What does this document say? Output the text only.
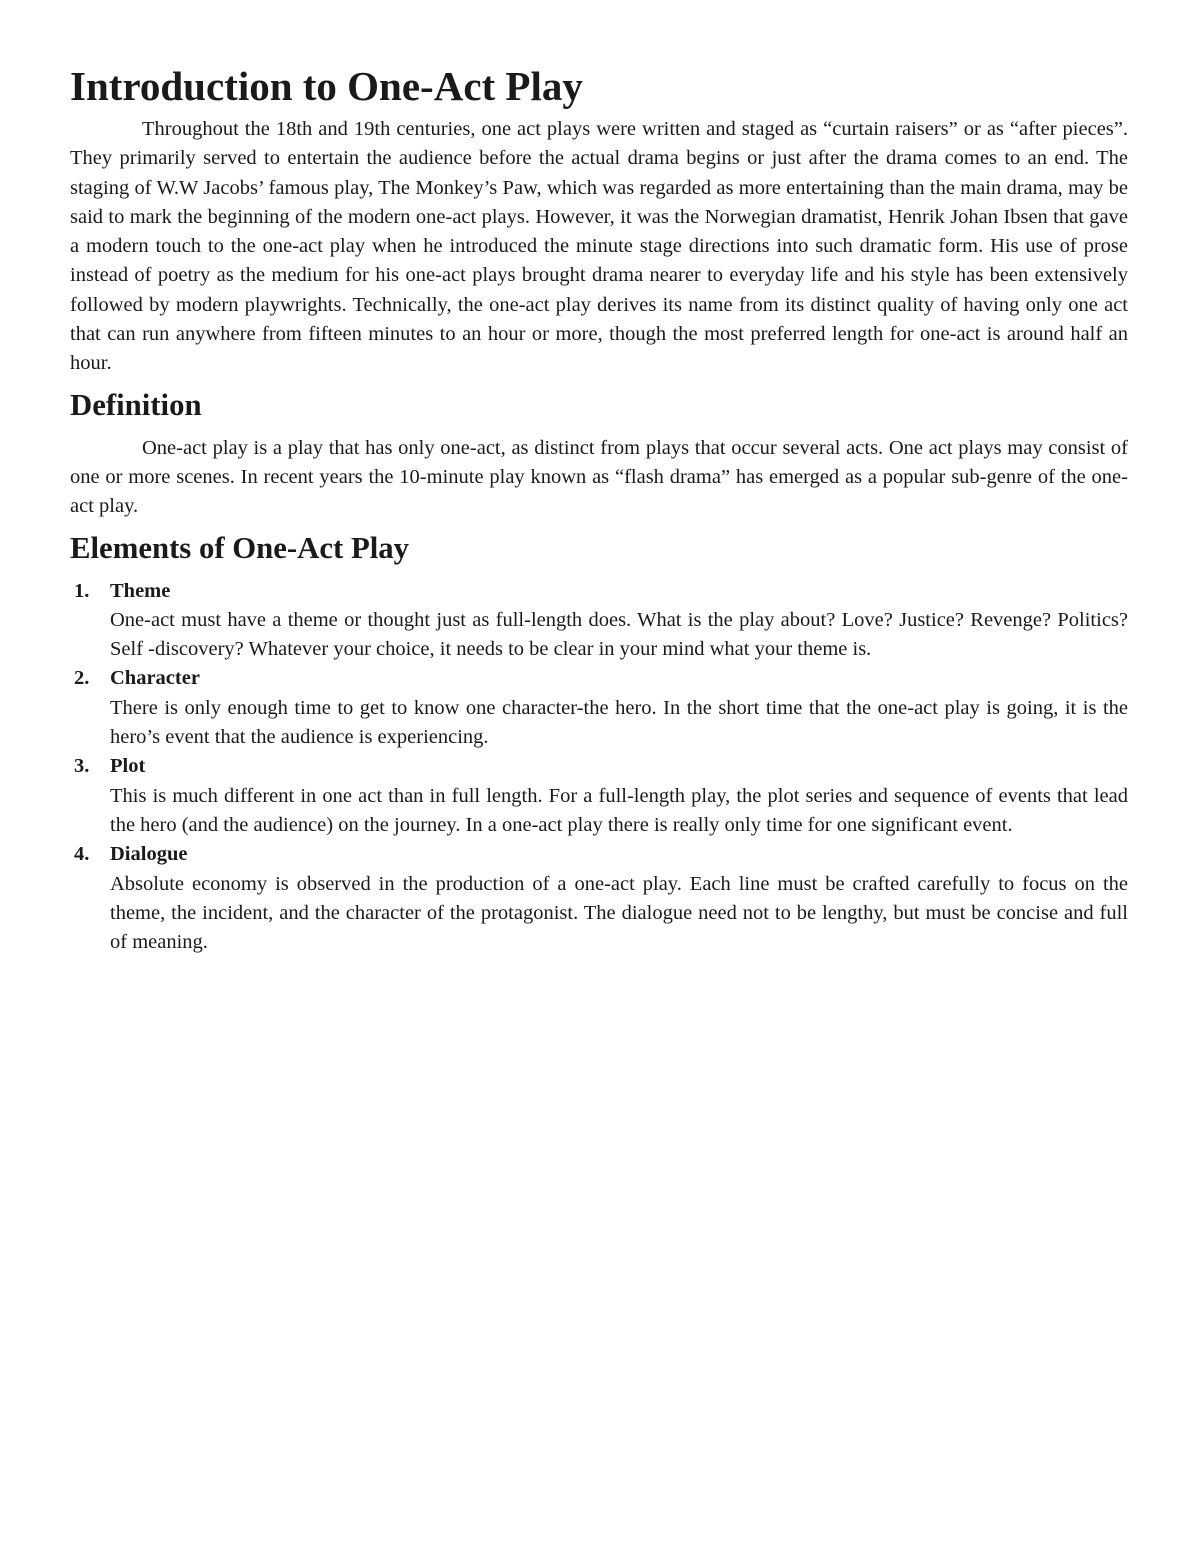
Introduction to One-Act Play

Throughout the 18th and 19th centuries, one act plays were written and staged as “curtain raisers” or as “after pieces”. They primarily served to entertain the audience before the actual drama begins or just after the drama comes to an end. The staging of W.W Jacobs’ famous play, The Monkey’s Paw, which was regarded as more entertaining than the main drama, may be said to mark the beginning of the modern one-act plays. However, it was the Norwegian dramatist, Henrik Johan Ibsen that gave a modern touch to the one-act play when he introduced the minute stage directions into such dramatic form. His use of prose instead of poetry as the medium for his one-act plays brought drama nearer to everyday life and his style has been extensively followed by modern playwrights. Technically, the one-act play derives its name from its distinct quality of having only one act that can run anywhere from fifteen minutes to an hour or more, though the most preferred length for one-act is around half an hour.

Definition

One-act play is a play that has only one-act, as distinct from plays that occur several acts. One act plays may consist of one or more scenes. In recent years the 10-minute play known as “flash drama” has emerged as a popular sub-genre of the one-act play.

Elements of One-Act Play
1. Theme
One-act must have a theme or thought just as full-length does. What is the play about? Love? Justice? Revenge? Politics? Self -discovery? Whatever your choice, it needs to be clear in your mind what your theme is.
2. Character
There is only enough time to get to know one character-the hero. In the short time that the one-act play is going, it is the hero’s event that the audience is experiencing.
3. Plot
This is much different in one act than in full length. For a full-length play, the plot series and sequence of events that lead the hero (and the audience) on the journey. In a one-act play there is really only time for one significant event.
4. Dialogue
Absolute economy is observed in the production of a one-act play. Each line must be crafted carefully to focus on the theme, the incident, and the character of the protagonist. The dialogue need not to be lengthy, but must be concise and full of meaning.
